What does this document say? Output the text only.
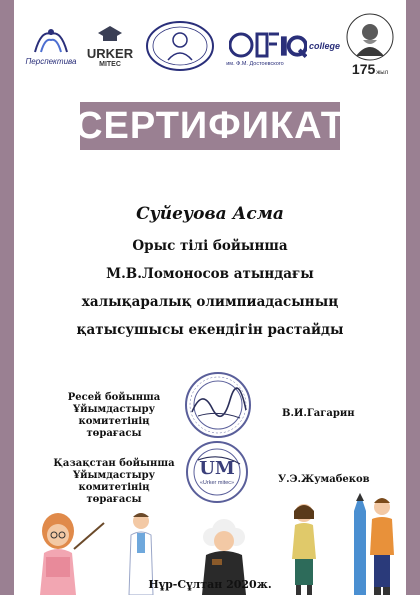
Перспектива
URKER
MITEC	им. Ф.М. Достоевского
college
175 жыл
СЕРТИФИКАТ
Суйеуова Асма
Орыс тілі бойынша
М.В.Ломоносов атындағы
халықаралық олимпиадасының
қатысушысы екендігін растайды
Ресей бойынша
Ұйымдастыру комитетінің
төрағасы
В.И.Гагарин
Қазақстан бойынша
Ұйымдастыру комитетінің
төрағасы
UM
«Urker mitec»	У.Э.Жумабеков
Нұр-Сұлтан 2020ж.
